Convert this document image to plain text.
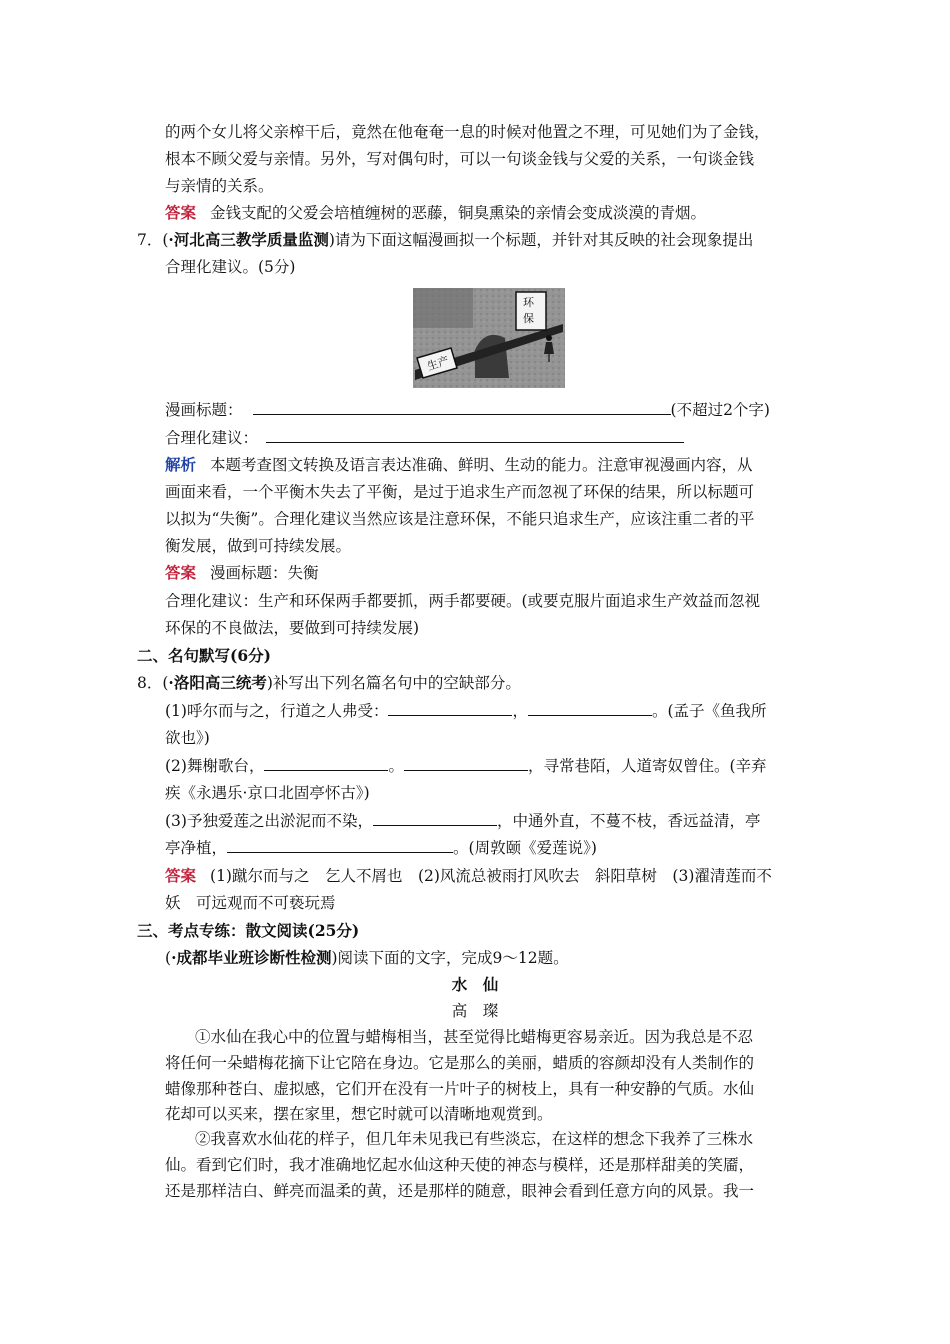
的两个女儿将父亲榨干后，竟然在他奄奄一息的时候对他置之不理，可见她们为了金钱，
根本不顾父爱与亲情。另外，写对偶句时，可以一句谈金钱与父爱的关系，一句谈金钱
与亲情的关系。
答案 金钱支配的父爱会培植缠树的恶藤，铜臭熏染的亲情会变成淡漠的青烟。
7．(·河北高三教学质量监测)请为下面这幅漫画拟一个标题，并针对其反映的社会现象提出
合理化建议。(5分)
生产
环
保
漫画标题：	(不超过2个字)
合理化建议：
解析 本题考查图文转换及语言表达准确、鲜明、生动的能力。注意审视漫画内容，从
画面来看，一个平衡木失去了平衡，是过于追求生产而忽视了环保的结果，所以标题可
以拟为“失衡”。合理化建议当然应该是注意环保，不能只追求生产，应该注重二者的平
衡发展，做到可持续发展。
答案 漫画标题：失衡
合理化建议：生产和环保两手都要抓，两手都要硬。(或要克服片面追求生产效益而忽视
环保的不良做法，要做到可持续发展)
二、名句默写(6分)
8．(·洛阳高三统考)补写出下列名篇名句中的空缺部分。
(1)呼尔而与之，行道之人弗受：	，	。(孟子《鱼我所
欲也》)
(2)舞榭歌台，	。	，寻常巷陌，人道寄奴曾住。(辛弃
疾《永遇乐·京口北固亭怀古》)
(3)予独爱莲之出淤泥而不染，	，中通外直，不蔓不枝，香远益清，亭
亭净植，	。(周敦颐《爱莲说》)
答案 (1)蹴尔而与之　乞人不屑也　(2)风流总被雨打风吹去　斜阳草树　(3)濯清莲而不
妖　可远观而不可亵玩焉
三、考点专练：散文阅读(25分)
(·成都毕业班诊断性检测)阅读下面的文字，完成9～12题。
水　仙
高　璨
①水仙在我心中的位置与蜡梅相当，甚至觉得比蜡梅更容易亲近。因为我总是不忍
将任何一朵蜡梅花摘下让它陪在身边。它是那么的美丽，蜡质的容颜却没有人类制作的
蜡像那种苍白、虚拟感，它们开在没有一片叶子的树枝上，具有一种安静的气质。水仙
花却可以买来，摆在家里，想它时就可以清晰地观赏到。
②我喜欢水仙花的样子，但几年未见我已有些淡忘，在这样的想念下我养了三株水
仙。看到它们时，我才准确地忆起水仙这种天使的神态与模样，还是那样甜美的笑靥，
还是那样洁白、鲜亮而温柔的黄，还是那样的随意，眼神会看到任意方向的风景。我一
